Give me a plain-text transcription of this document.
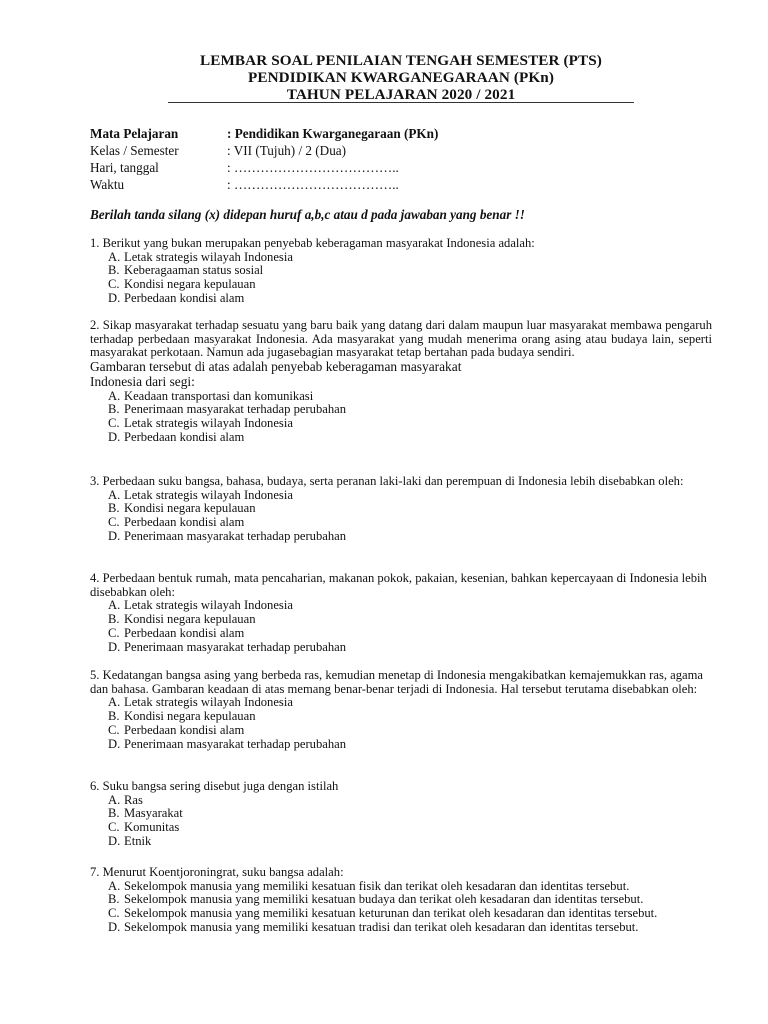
LEMBAR SOAL PENILAIAN TENGAH SEMESTER (PTS)
PENDIDIKAN KWARGANEGARAAN (PKn)
TAHUN PELAJARAN 2020 / 2021
Mata Pelajaran	: Pendidikan Kwarganegaraan (PKn)
Kelas / Semester	: VII (Tujuh) / 2 (Dua)
Hari, tanggal	: ………………………………..
Waktu	: ………………………………..
Berilah tanda silang (x) didepan huruf a,b,c atau d pada jawaban yang benar !!
1. Berikut yang bukan merupakan penyebab keberagaman masyarakat Indonesia adalah:
A. Letak strategis wilayah Indonesia
B. Keberagaaman status sosial
C. Kondisi negara kepulauan
D. Perbedaan kondisi alam
2. Sikap masyarakat terhadap sesuatu yang baru baik yang datang dari dalam maupun luar masyarakat membawa pengaruh terhadap perbedaan masyarakat Indonesia. Ada masyarakat yang mudah menerima orang asing atau budaya lain, seperti masyarakat perkotaan. Namun ada jugasebagian masyarakat tetap bertahan pada budaya sendiri.
Gambaran tersebut di atas adalah penyebab keberagaman masyarakat
Indonesia dari segi:
A. Keadaan transportasi dan komunikasi
B. Penerimaan masyarakat terhadap perubahan
C. Letak strategis wilayah Indonesia
D. Perbedaan kondisi alam
3. Perbedaan suku bangsa, bahasa, budaya, serta peranan laki-laki dan perempuan di Indonesia lebih disebabkan oleh:
A. Letak strategis wilayah Indonesia
B. Kondisi negara kepulauan
C. Perbedaan kondisi alam
D. Penerimaan masyarakat terhadap perubahan
4. Perbedaan bentuk rumah, mata pencaharian, makanan pokok, pakaian, kesenian, bahkan kepercayaan di Indonesia lebih disebabkan oleh:
A. Letak strategis wilayah Indonesia
B. Kondisi negara kepulauan
C. Perbedaan kondisi alam
D. Penerimaan masyarakat terhadap perubahan
5. Kedatangan bangsa asing yang berbeda ras, kemudian menetap di Indonesia mengakibatkan kemajemukkan ras, agama dan bahasa. Gambaran keadaan di atas memang benar-benar terjadi di Indonesia. Hal tersebut terutama disebabkan oleh:
A. Letak strategis wilayah Indonesia
B. Kondisi negara kepulauan
C. Perbedaan kondisi alam
D. Penerimaan masyarakat terhadap perubahan
6. Suku bangsa sering disebut juga dengan istilah
A. Ras
B. Masyarakat
C. Komunitas
D. Etnik
7. Menurut Koentjoroningrat, suku bangsa adalah:
A. Sekelompok manusia yang memiliki kesatuan fisik dan terikat oleh kesadaran dan identitas tersebut.
B. Sekelompok manusia yang memiliki kesatuan budaya dan terikat oleh kesadaran dan identitas tersebut.
C. Sekelompok manusia yang memiliki kesatuan keturunan dan terikat oleh kesadaran dan identitas tersebut.
D. Sekelompok manusia yang memiliki kesatuan tradisi dan terikat oleh kesadaran dan identitas tersebut.
